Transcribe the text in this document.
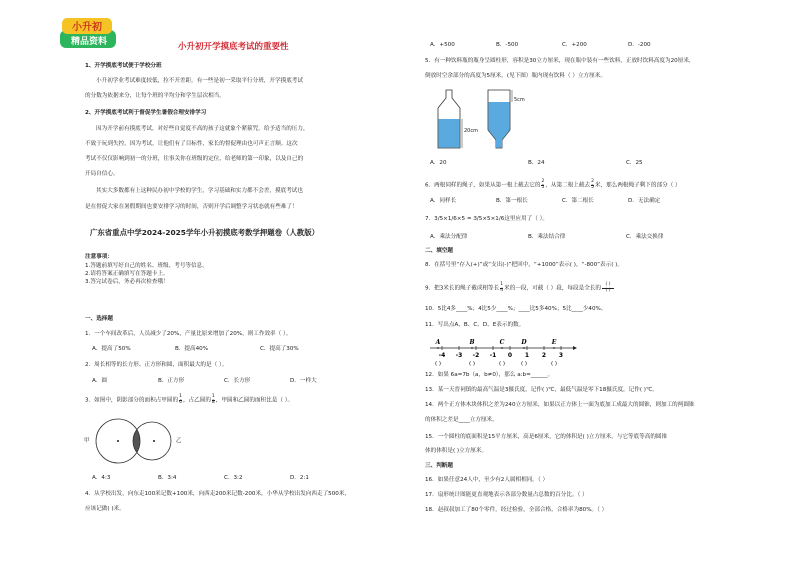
小升初
精品资料	小升初开学摸底考试的重要性
1、开学摸底考试便于学校分班
小升初学业考试难度较低，拉不开差距。有一些是初一采取平行分班，开学摸底考试
的分数为依据来分，让每个班的平均分和学生层次相当。
2、开学摸底考试利于督促学生暑假合理安排学习
因为开学前有摸底考试，对好些自觉度不高的孩子这就象个紧箍咒。给予适当的压力，
不致于玩到失控。因为考试，让他们有了目标性，家长的督促理由也可声正言顺。这次
考试不仅仅影响到初一的分班，往事关你在班级的定位，给老师的第一印象，以及自己的
开局自信心。
其实大多数都有上这种民办初中学校的学生，学习基础和实力都不会差，摸底考试也
是在督促大家在暑假期间也要安排学习的时间，否则开学后调整学习状态就有些难了！
广东省重点中学2024-2025学年小升初摸底考数学押题卷（人教版）
注意事项：
1.答题前填写好自己的姓名、班级、考号等信息。
2.请将答案正确填写在答题卡上。
3.答完试卷后，务必再次检查哦！
一、选择题
1．一个车间改革后，人员减少了20%，产量比原来增加了20%，则工作效率（ ）。
A．提高了50%	B．提高40%	C．提高了30%
2．周长相等的长方形、正方形和圆，面积最大的是（ ）。
A．圆	B．正方形	C．长方形	D．一样大
3．如图中，阴影部分的面积占甲圆的 $\frac{1}{6}$ ，占乙圆的 $\frac{1}{8}$ ，甲圆和乙圆的面积比是（ ）。
甲	乙
A．4:3	B．3:4	C．3:2	D．2:1
4．从学校出发，向东走100米记数+100米，向西走200米记数-200米，小华从学校出发向西走了500米，
应该记做( )米。
A．+500	B．-500	C．+200	D．-200
5．有一种饮料瓶的瓶身呈圆柱形，容积是30立方厘米，现在瓶中装有一些饮料，正放时饮料高度为20厘米，
倒放时空余部分的高度为5厘米。(见下图）瓶内现有饮料（ ）立方厘米。
20cm
5cm
A．20	B．24	C．25
6．两根同样的绳子，如果从第一根上截去它的 $\frac{2}{5}$ ，从第二根上截去 $\frac{2}{5}$ 米，那么两根绳子剩下的部分（ ）
A．同样长	B．第一根长	C．第二根长	D．无法确定
7．3/5×1/6×5 = 3/5×5×1/6这里应用了（ ）。
A．乘法分配律	B．乘法结合律	C．乘法交换律
二、填空题
8．在括号里“存入(+)”或“支出(-)”把回中，“+1000”表示( )，“-800”表示( )。
9．把3米长的绳子截成相等长 $\frac{1}{4}$ 米的一段，可截（ ）段，每段是全长的
( )
( )
10．5比4多____%；4比5少____%；____比5多40%；5比____少40%。
11．写出点A、B、C、D、E表示的数。
-4 -3 -2 -1 0 1 2 3
A
( )
B
( )
C
( )
D
( )
E
( )
12．如果 6a=7b（a，b≠0），那么 a:b=______。
13．某一天晋祠镇的最高气温是3摄氏度，记作( )℃，最低气温是零下18摄氏度，记作( )℃。
14．两个正方体木块体积之差为240立方厘米，如果以正方体上一面为底加工成最大的圆锥，则加工的两圆锥
的体积之差是____立方厘米。
15．一个圆柱的底面积是15平方厘米，高是6厘米，它的体积是( )立方厘米，与它等底等高的圆锥
体的体积是( )立方厘米。
三、判断题
16．如果任意24人中，至少有2人属相相同。（ ）
17．扇形统计图能更直观地表示各部分数量占总数的百分比。（ ）
18．赵叔叔加工了80个零件，经过检验，全部合格，合格率为80%。（ ）
